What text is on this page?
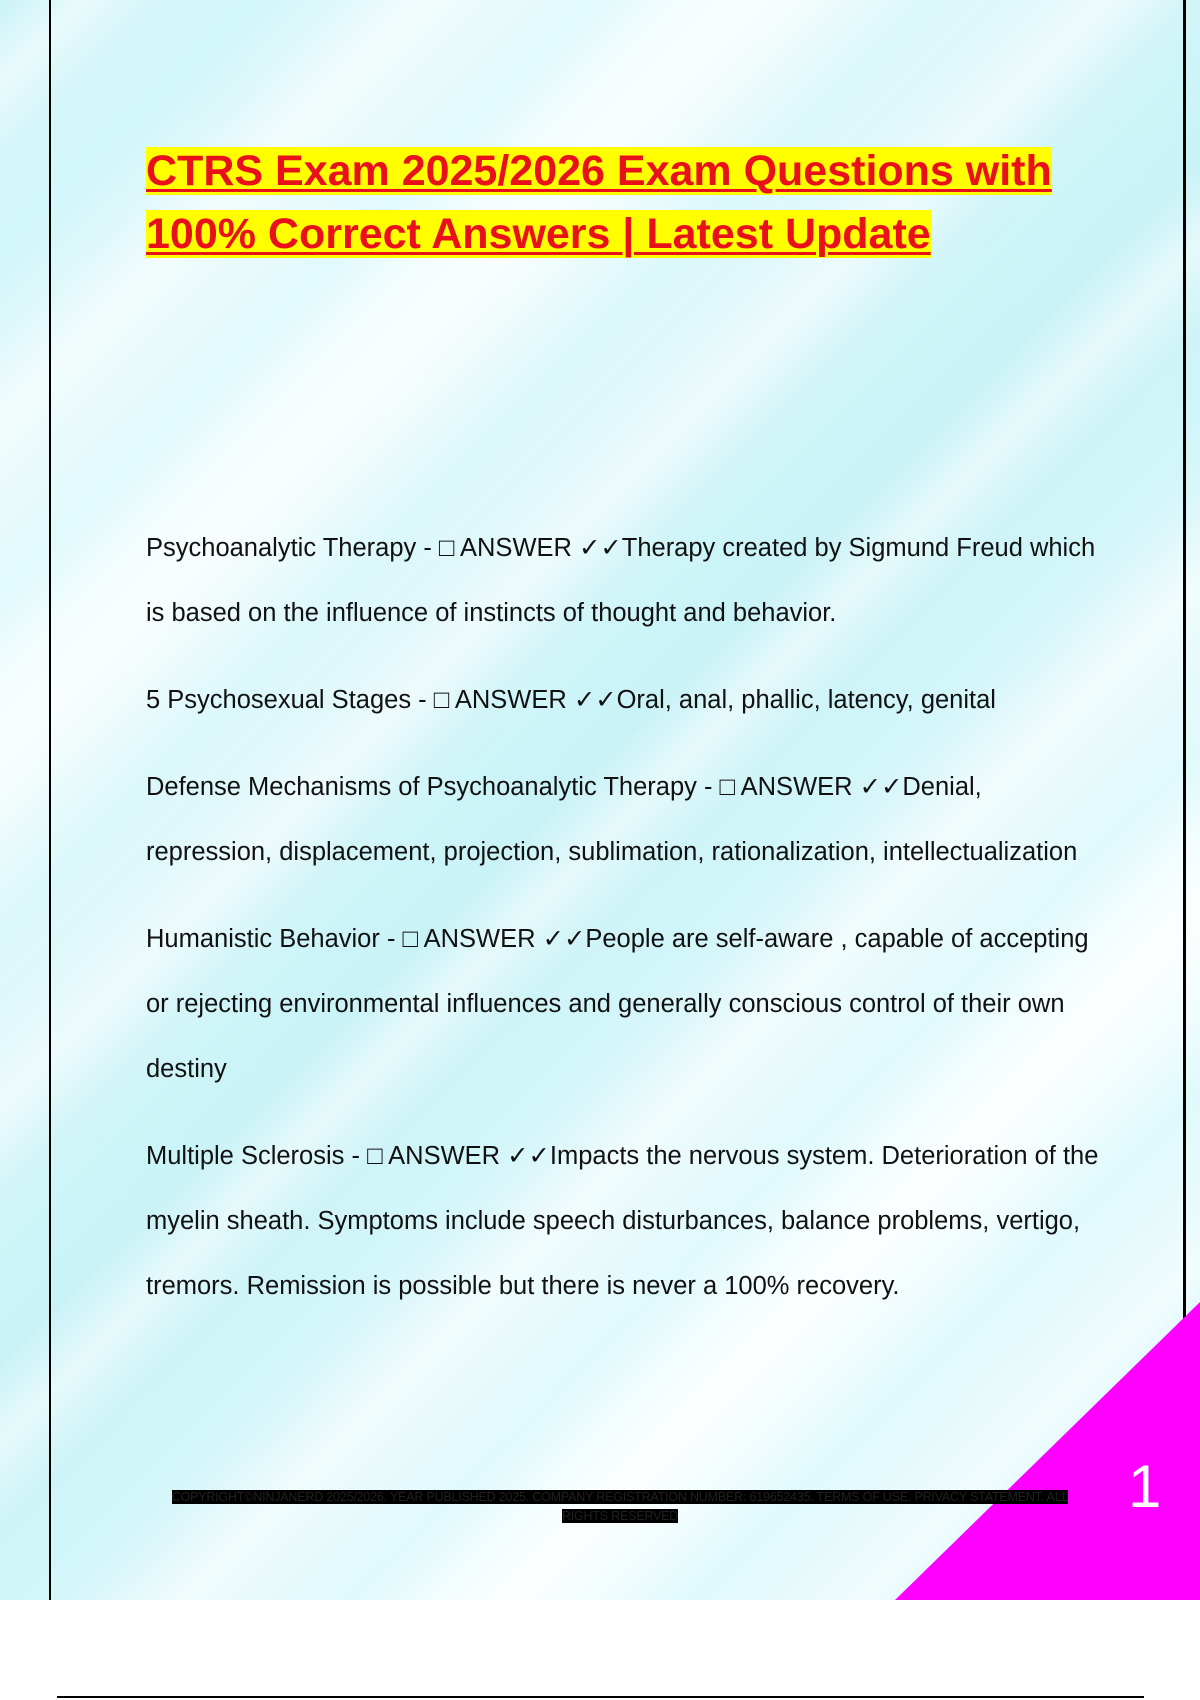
CTRS Exam 2025/2026 Exam Questions with 100% Correct Answers | Latest Update
Psychoanalytic Therapy - □ ANSWER ✓✓Therapy created by Sigmund Freud which is based on the influence of instincts of thought and behavior.
5 Psychosexual Stages - □ ANSWER ✓✓Oral, anal, phallic, latency, genital
Defense Mechanisms of Psychoanalytic Therapy - □ ANSWER ✓✓Denial, repression, displacement, projection, sublimation, rationalization, intellectualization
Humanistic Behavior - □ ANSWER ✓✓People are self-aware , capable of accepting or rejecting environmental influences and generally conscious control of their own destiny
Multiple Sclerosis - □ ANSWER ✓✓Impacts the nervous system. Deterioration of the myelin sheath. Symptoms include speech disturbances, balance problems, vertigo, tremors. Remission is possible but there is never a 100% recovery.
1
COPYRIGHT©NINJANERD 2025/2026. YEAR PUBLISHED 2025. COMPANY REGISTRATION NUMBER: 619652435. TERMS OF USE. PRIVACY STATEMENT. ALL RIGHTS RESERVED
